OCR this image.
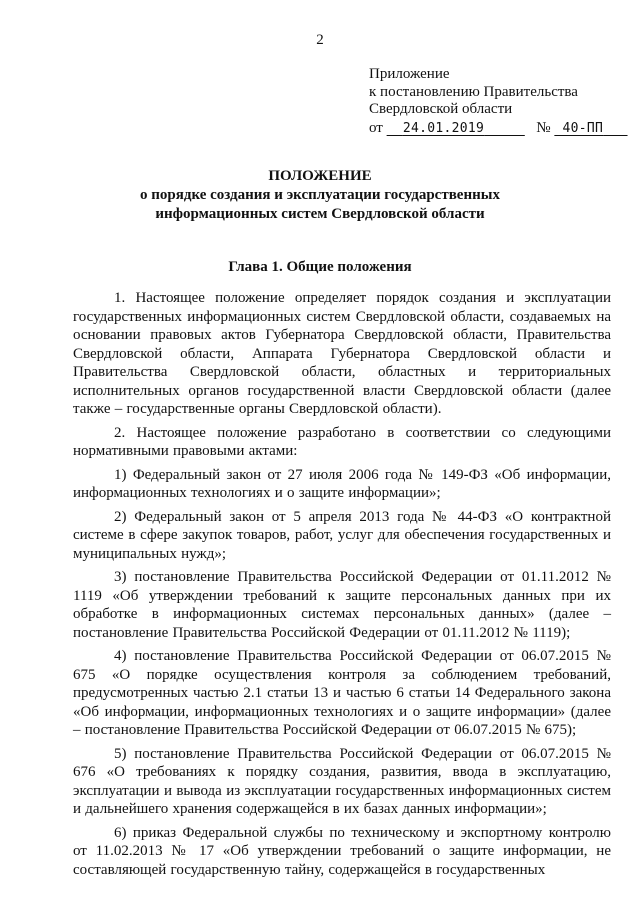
2
Приложение
к постановлению Правительства
Свердловской области
от 24.01.2019	№ 40-ПП
ПОЛОЖЕНИЕ
о порядке создания и эксплуатации государственных
информационных систем Свердловской области
Глава 1. Общие положения

1. Настоящее положение определяет порядок создания и эксплуатации государственных информационных систем Свердловской области, создаваемых на основании правовых актов Губернатора Свердловской области, Правительства Свердловской области, Аппарата Губернатора Свердловской области и Правительства Свердловской области, областных и территориальных исполнительных органов государственной власти Свердловской области (далее также – государственные органы Свердловской области).

2. Настоящее положение разработано в соответствии со следующими нормативными правовыми актами:

1) Федеральный закон от 27 июля 2006 года № 149-ФЗ «Об информации, информационных технологиях и о защите информации»;

2) Федеральный закон от 5 апреля 2013 года № 44-ФЗ «О контрактной системе в сфере закупок товаров, работ, услуг для обеспечения государственных и муниципальных нужд»;

3) постановление Правительства Российской Федерации от 01.11.2012 № 1119 «Об утверждении требований к защите персональных данных при их обработке в информационных системах персональных данных» (далее – постановление Правительства Российской Федерации от 01.11.2012 № 1119);

4) постановление Правительства Российской Федерации от 06.07.2015 № 675 «О порядке осуществления контроля за соблюдением требований, предусмотренных частью 2.1 статьи 13 и частью 6 статьи 14 Федерального закона «Об информации, информационных технологиях и о защите информации» (далее – постановление Правительства Российской Федерации от 06.07.2015 № 675);

5) постановление Правительства Российской Федерации от 06.07.2015 № 676 «О требованиях к порядку создания, развития, ввода в эксплуатацию, эксплуатации и вывода из эксплуатации государственных информационных систем и дальнейшего хранения содержащейся в их базах данных информации»;

6) приказ Федеральной службы по техническому и экспортному контролю от 11.02.2013 № 17 «Об утверждении требований о защите информации, не составляющей государственную тайну, содержащейся в государственных
